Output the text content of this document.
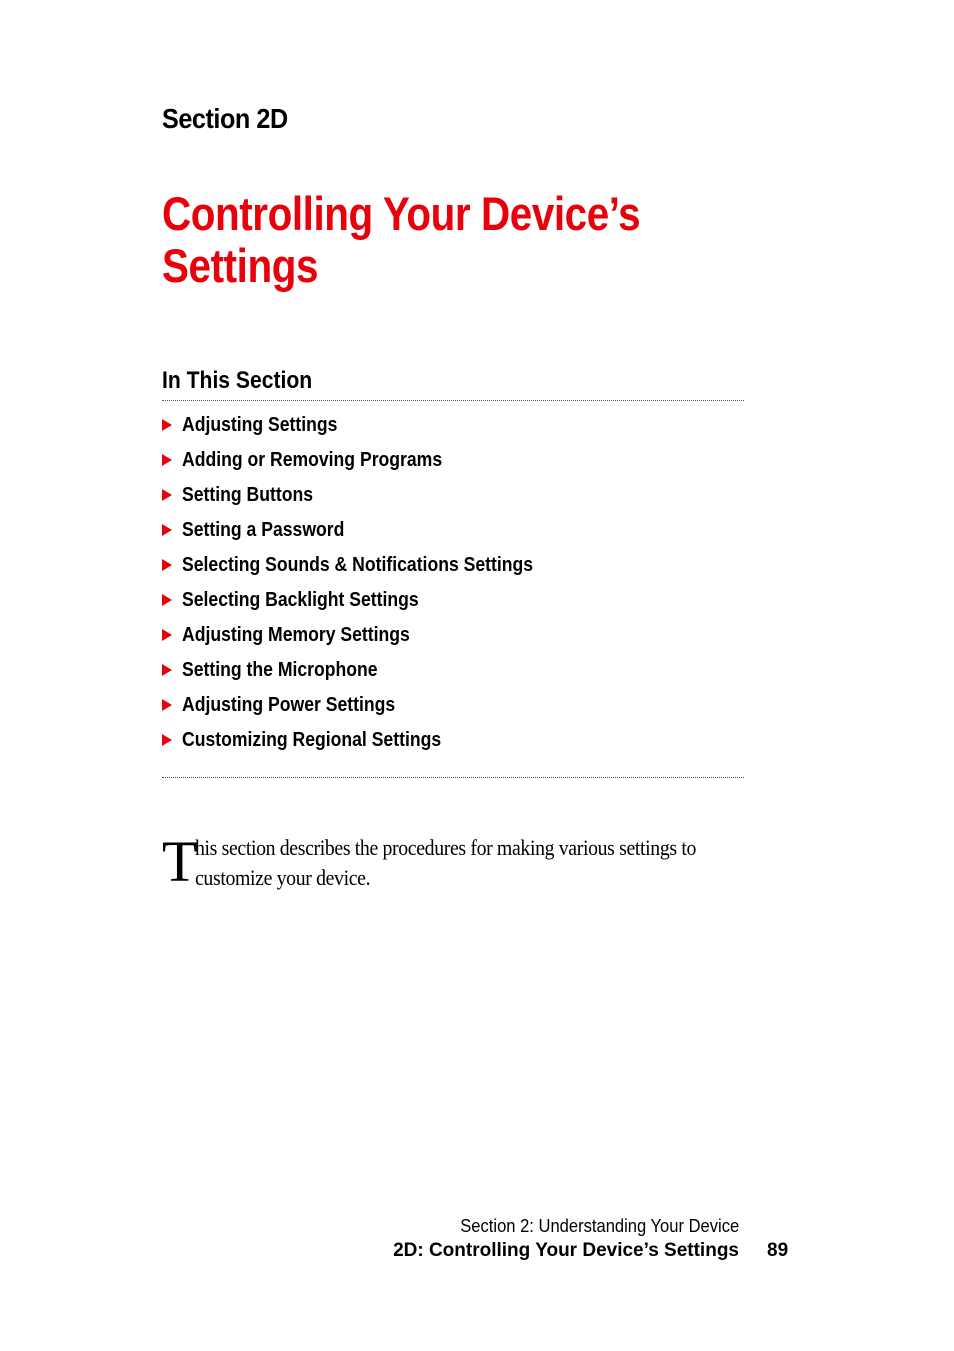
Section 2D
Controlling Your Device’s Settings
In This Section
Adjusting Settings
Adding or Removing Programs
Setting Buttons
Setting a Password
Selecting Sounds & Notifications Settings
Selecting Backlight Settings
Adjusting Memory Settings
Setting the Microphone
Adjusting Power Settings
Customizing Regional Settings
T
his section describes the procedures for making various settings to customize your device.
Section 2: Understanding Your Device
2D: Controlling Your Device’s Settings 89
